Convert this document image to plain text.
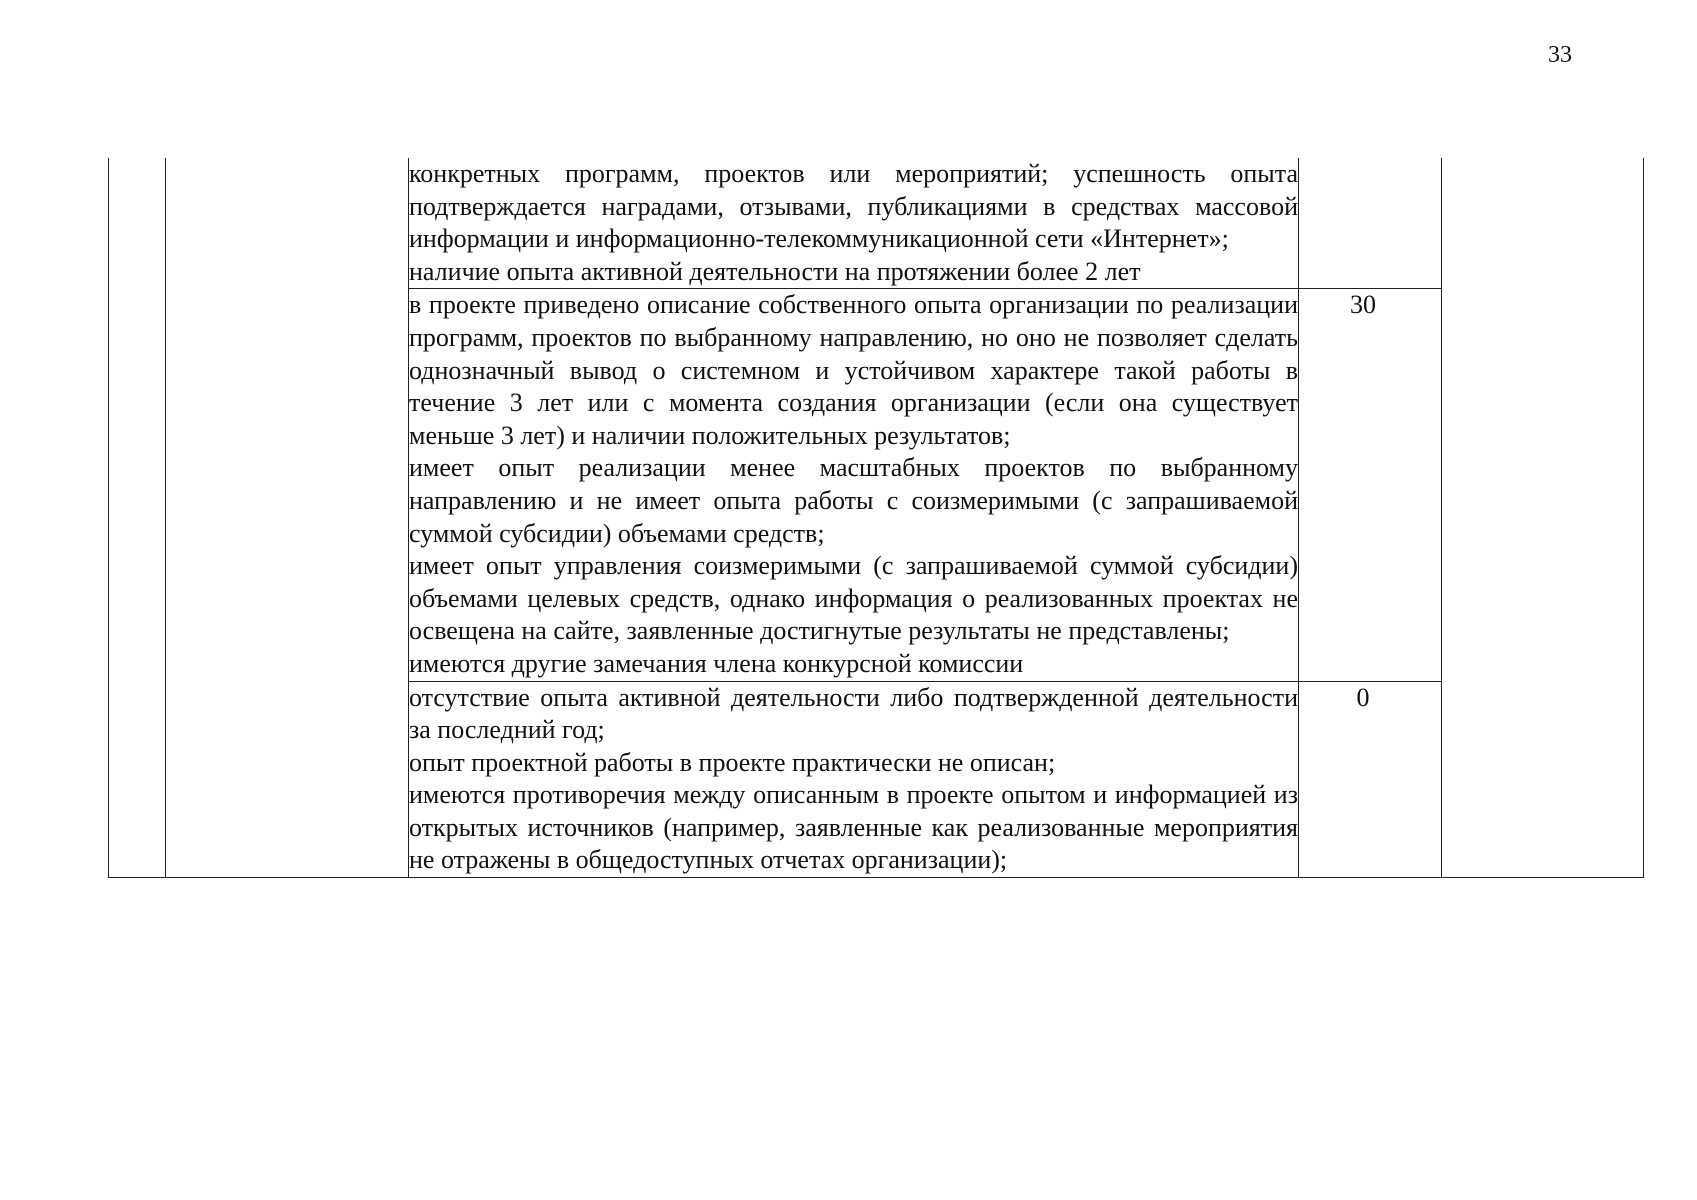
33

		конкретных программ, проектов или мероприятий; успешность опыта подтверждается наградами, отзывами, публикациями в средствах массовой информации и информационно-телекоммуникационной сети «Интернет»;

наличие опыта активной деятельности на протяжении более 2 лет		

		в проекте приведено описание собственного опыта организации по реализации программ, проектов по выбранному направлению, но оно не позволяет сделать однозначный вывод о системном и устойчивом характере такой работы в течение 3 лет или с момента создания организации (если она существует меньше 3 лет) и наличии положительных результатов;

имеет опыт реализации менее масштабных проектов по выбранному направлению и не имеет опыта работы с соизмеримыми (с запрашиваемой суммой субсидии) объемами средств;

имеет опыт управления соизмеримыми (с запрашиваемой суммой субсидии) объемами целевых средств, однако информация о реализованных проектах не освещена на сайте, заявленные достигнутые результаты не представлены;

имеются другие замечания члена конкурсной комиссии	30	

		отсутствие опыта активной деятельности либо подтвержденной деятельности за последний год;

опыт проектной работы в проекте практически не описан;

имеются противоречия между описанным в проекте опытом и информацией из открытых источников (например, заявленные как реализованные мероприятия не отражены в общедоступных отчетах организации);	0	
